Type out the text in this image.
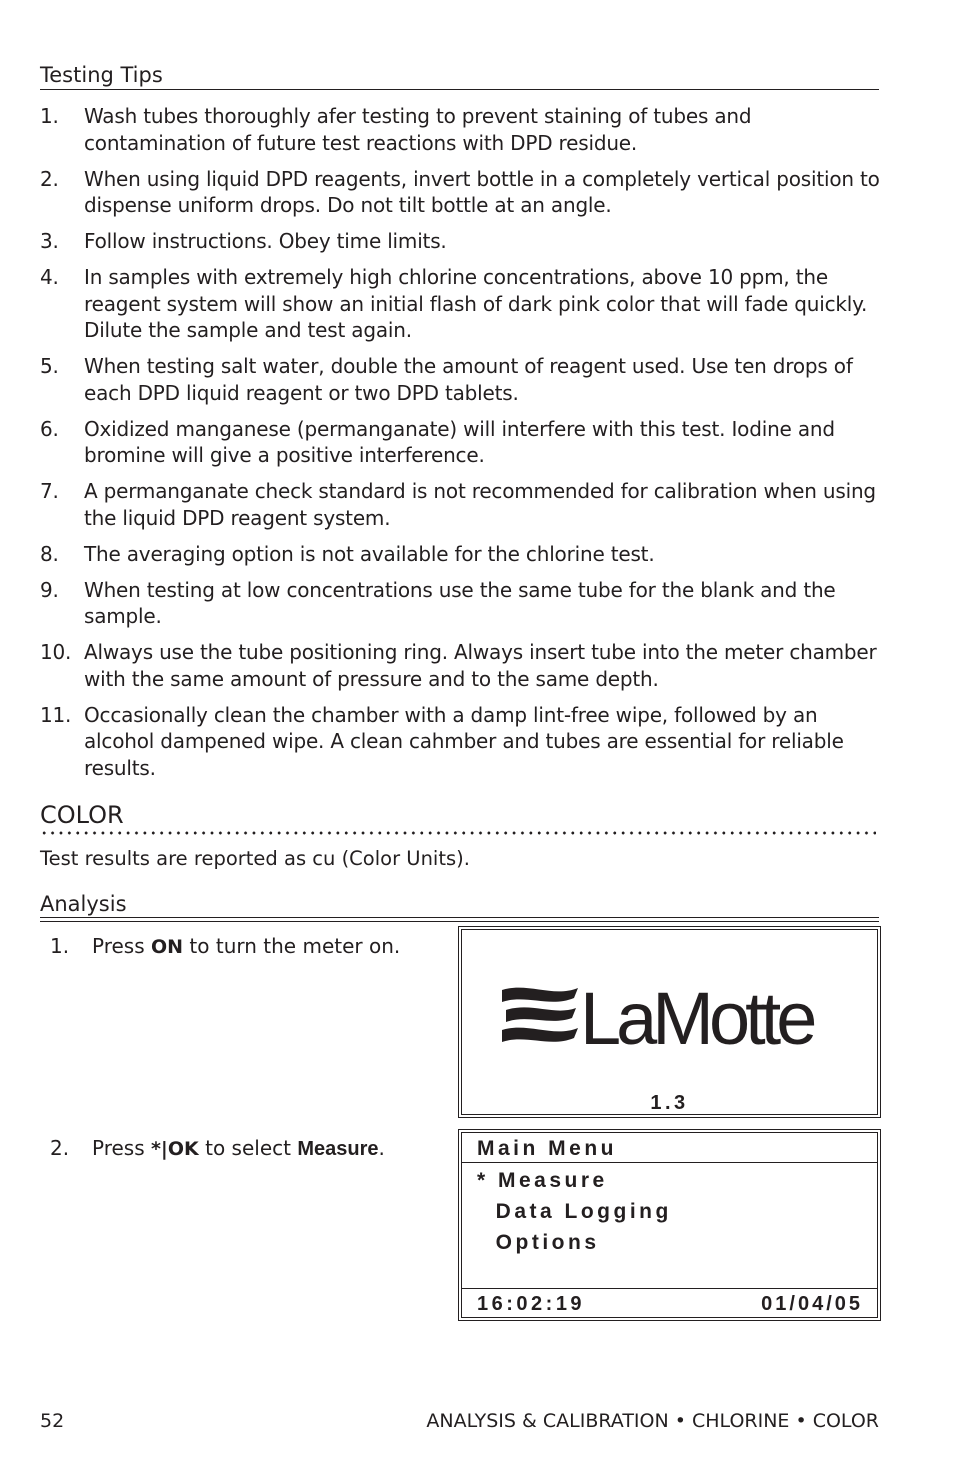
Testing Tips
1. Wash tubes thoroughly afer testing to prevent staining of tubes and contamination of future test reactions with DPD residue.
2. When using liquid DPD reagents, invert bottle in a completely vertical position to dispense uniform drops. Do not tilt bottle at an angle.
3. Follow instructions. Obey time limits.
4. In samples with extremely high chlorine concentrations, above 10 ppm, the reagent system will show an initial flash of dark pink color that will fade quickly. Dilute the sample and test again.
5. When testing salt water, double the amount of reagent used. Use ten drops of each DPD liquid reagent or two DPD tablets.
6. Oxidized manganese (permanganate) will interfere with this test. Iodine and bromine will give a positive interference.
7. A permanganate check standard is not recommended for calibration when using the liquid DPD reagent system.
8. The averaging option is not available for the chlorine test.
9. When testing at low concentrations use the same tube for the blank and the sample.
10. Always use the tube positioning ring. Always insert tube into the meter chamber with the same amount of pressure and to the same depth.
11. Occasionally clean the chamber with a damp lint-free wipe, followed by an alcohol dampened wipe. A clean cahmber and tubes are essential for reliable results.
COLOR
Test results are reported as cu (Color Units).
Analysis
1. Press ON to turn the meter on.
LaMotte
1.3
2. Press *|OK to select Measure.	Main Menu
* Measure
Data Logging
Options
16:02:19	01/04/05
52	ANALYSIS & CALIBRATION • CHLORINE • COLOR
